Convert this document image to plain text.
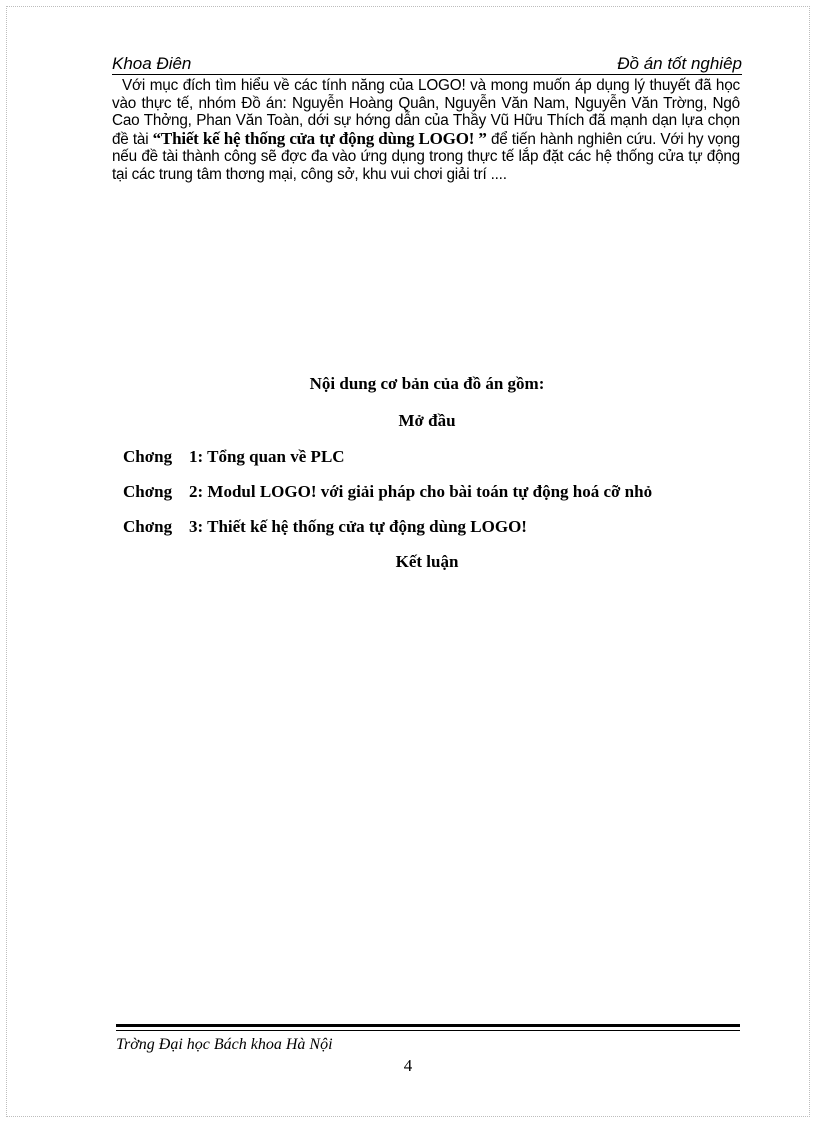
Khoa Điên	Đồ án tốt nghiêp
Với mục đích tìm hiểu về các tính năng của LOGO! và mong muốn áp dụng lý thuyết đã học vào thực tế, nhóm Đồ án: Nguyễn Hoàng Quân, Nguyễn Văn Nam, Nguyễn Văn Trờng, Ngô Cao Thởng, Phan Văn Toàn, dới sự hớng dẫn của Thầy Vũ Hữu Thích đã mạnh dạn lựa chọn đề tài “Thiết kế hệ thống cửa tự động dùng LOGO! ” để tiến hành nghiên cứu. Với hy vọng nếu đề tài thành công sẽ đợc đa vào ứng dụng trong thực tế lắp đặt các hệ thống cửa tự động tại các trung tâm thơng mại, công sở, khu vui chơi giải trí ....
Nội dung cơ bản của đồ án gồm:
Mở đầu
Chơng 1: Tổng quan về PLC
Chơng 2: Modul LOGO! với giải pháp cho bài toán tự động hoá cỡ nhỏ
Chơng 3: Thiết kế hệ thống cửa tự động dùng LOGO!
Kết luận
Trờng Đại học Bách khoa Hà Nội
4
